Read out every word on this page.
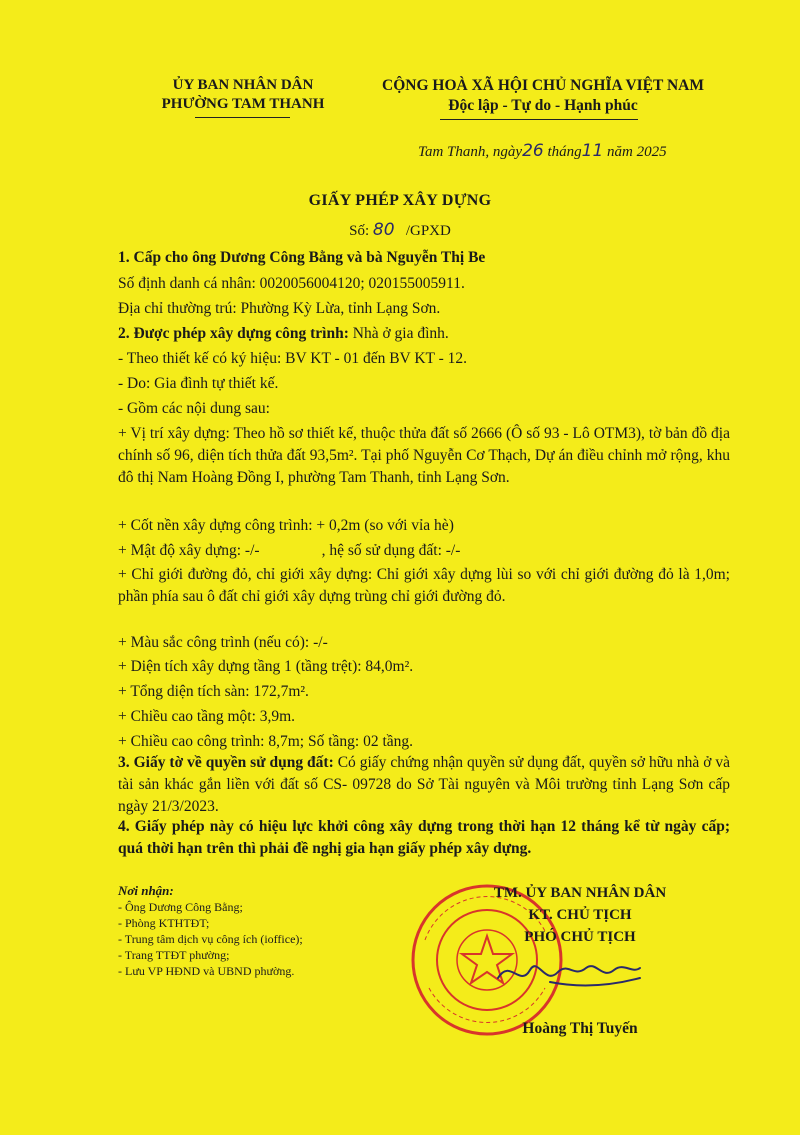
ỦY BAN NHÂN DÂN
PHƯỜNG TAM THANH
CỘNG HOÀ XÃ HỘI CHỦ NGHĨA VIỆT NAM
Độc lập - Tự do - Hạnh phúc
Tam Thanh, ngày26 tháng11 năm 2025
GIẤY PHÉP XÂY DỰNG
Số: 80 /GPXD
1. Cấp cho ông Dương Công Bằng và bà Nguyễn Thị Be
Số định danh cá nhân: 0020056004120; 020155005911.
Địa chỉ thường trú: Phường Kỳ Lừa, tỉnh Lạng Sơn.
2. Được phép xây dựng công trình: Nhà ở gia đình.
- Theo thiết kế có ký hiệu: BV KT - 01 đến BV KT - 12.
- Do: Gia đình tự thiết kế.
- Gồm các nội dung sau:
+ Vị trí xây dựng: Theo hồ sơ thiết kế, thuộc thửa đất số 2666 (Ô số 93 - Lô OTM3), tờ bản đồ địa chính số 96, diện tích thửa đất 93,5m². Tại phố Nguyễn Cơ Thạch, Dự án điều chỉnh mở rộng, khu đô thị Nam Hoàng Đồng I, phường Tam Thanh, tỉnh Lạng Sơn.
+ Cốt nền xây dựng công trình: + 0,2m (so với vỉa hè)
+ Mật độ xây dựng: -/-	, hệ số sử dụng đất: -/-
+ Chỉ giới đường đỏ, chỉ giới xây dựng: Chỉ giới xây dựng lùi so với chỉ giới đường đỏ là 1,0m; phần phía sau ô đất chỉ giới xây dựng trùng chỉ giới đường đỏ.
+ Màu sắc công trình (nếu có): -/-
+ Diện tích xây dựng tầng 1 (tầng trệt): 84,0m².
+ Tổng diện tích sàn: 172,7m².
+ Chiều cao tầng một: 3,9m.
+ Chiều cao công trình: 8,7m; Số tầng: 02 tầng.
3. Giấy tờ về quyền sử dụng đất: Có giấy chứng nhận quyền sử dụng đất, quyền sở hữu nhà ở và tài sản khác gắn liền với đất số CS- 09728 do Sở Tài nguyên và Môi trường tỉnh Lạng Sơn cấp ngày 21/3/2023.
4. Giấy phép này có hiệu lực khởi công xây dựng trong thời hạn 12 tháng kể từ ngày cấp; quá thời hạn trên thì phải đề nghị gia hạn giấy phép xây dựng.
Nơi nhận:
- Ông Dương Công Bằng;
- Phòng KTHTĐT;
- Trung tâm dịch vụ công ích (ioffice);
- Trang TTĐT phường;
- Lưu VP HĐND và UBND phường.
TM. ỦY BAN NHÂN DÂN
KT. CHỦ TỊCH
PHÓ CHỦ TỊCH
Hoàng Thị Tuyến
